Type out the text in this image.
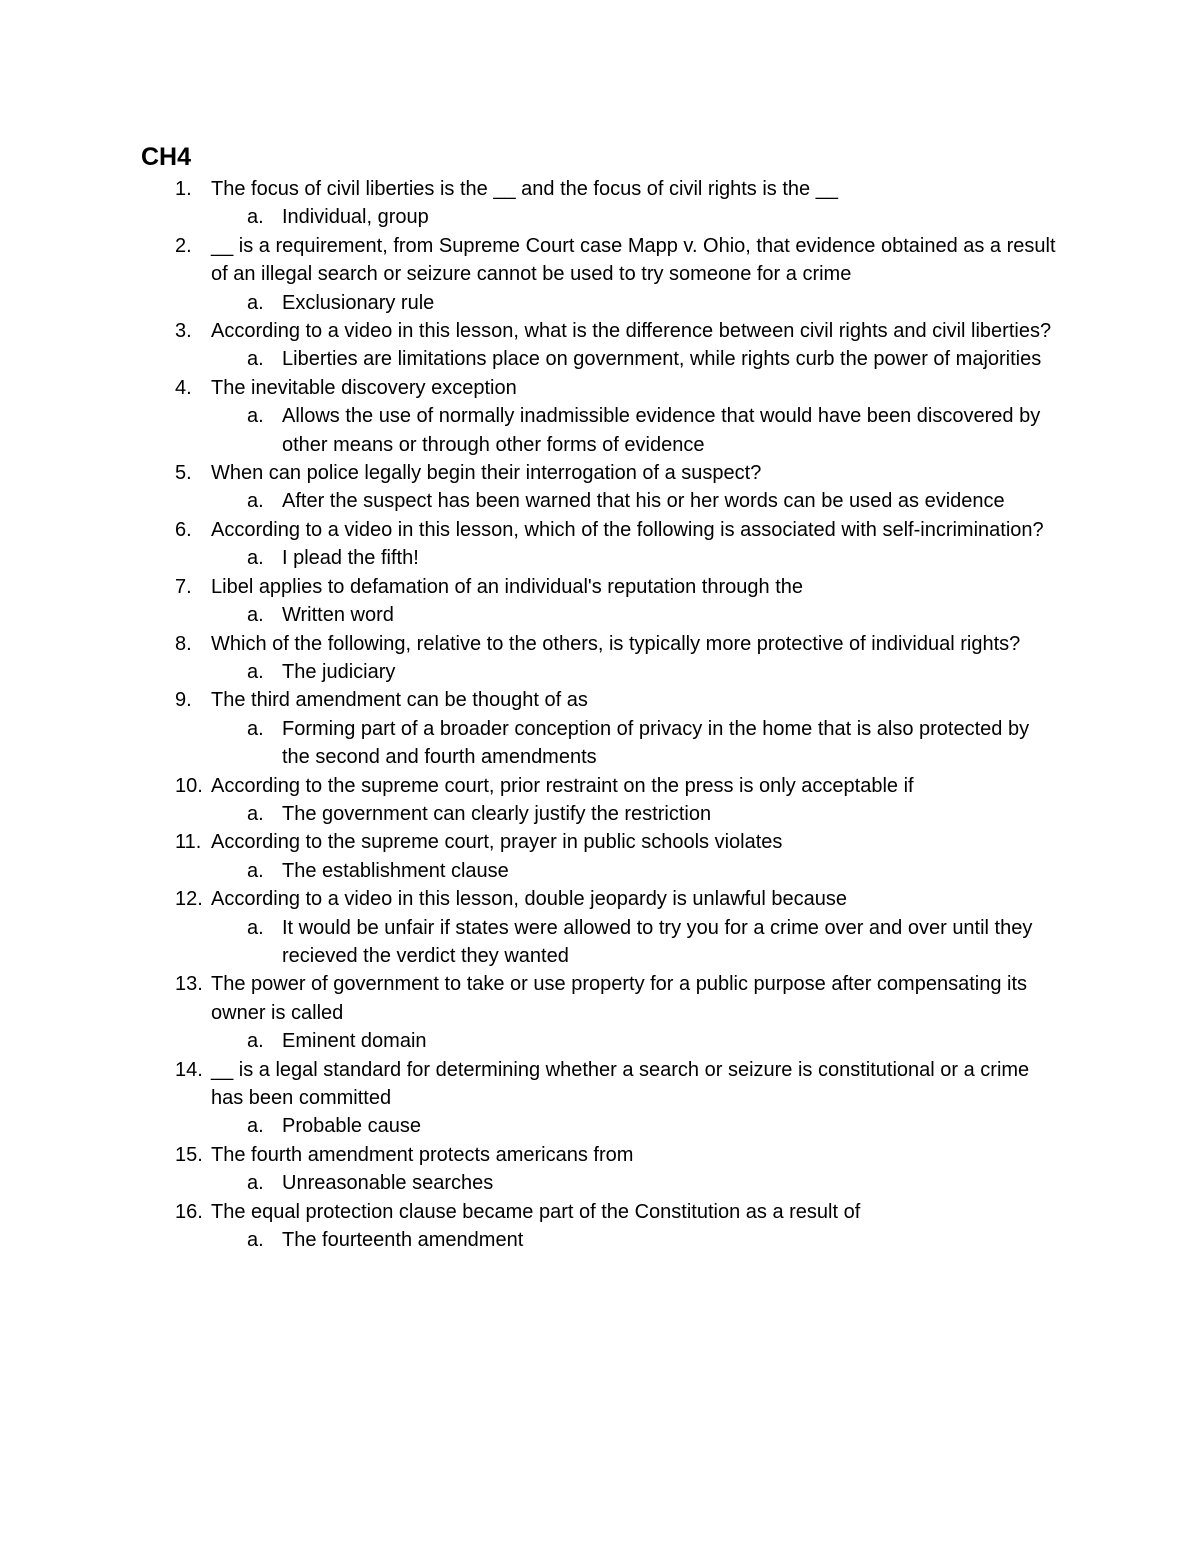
CH4
1. The focus of civil liberties is the __ and the focus of civil rights is the __
a. Individual, group
2. __ is a requirement, from Supreme Court case Mapp v. Ohio, that evidence obtained as a result of an illegal search or seizure cannot be used to try someone for a crime
a. Exclusionary rule
3. According to a video in this lesson, what is the difference between civil rights and civil liberties?
a. Liberties are limitations place on government, while rights curb the power of majorities
4. The inevitable discovery exception
a. Allows the use of normally inadmissible evidence that would have been discovered by other means or through other forms of evidence
5. When can police legally begin their interrogation of a suspect?
a. After the suspect has been warned that his or her words can be used as evidence
6. According to a video in this lesson, which of the following is associated with self-incrimination?
a. I plead the fifth!
7. Libel applies to defamation of an individual's reputation through the
a. Written word
8. Which of the following, relative to the others, is typically more protective of individual rights?
a. The judiciary
9. The third amendment can be thought of as
a. Forming part of a broader conception of privacy in the home that is also protected by the second and fourth amendments
10. According to the supreme court, prior restraint on the press is only acceptable if
a. The government can clearly justify the restriction
11. According to the supreme court, prayer in public schools violates
a. The establishment clause
12. According to a video in this lesson, double jeopardy is unlawful because
a. It would be unfair if states were allowed to try you for a crime over and over until they recieved the verdict they wanted
13. The power of government to take or use property for a public purpose after compensating its owner is called
a. Eminent domain
14. __ is a legal standard for determining whether a search or seizure is constitutional or a crime has been committed
a. Probable cause
15. The fourth amendment protects americans from
a. Unreasonable searches
16. The equal protection clause became part of the Constitution as a result of
a. The fourteenth amendment
